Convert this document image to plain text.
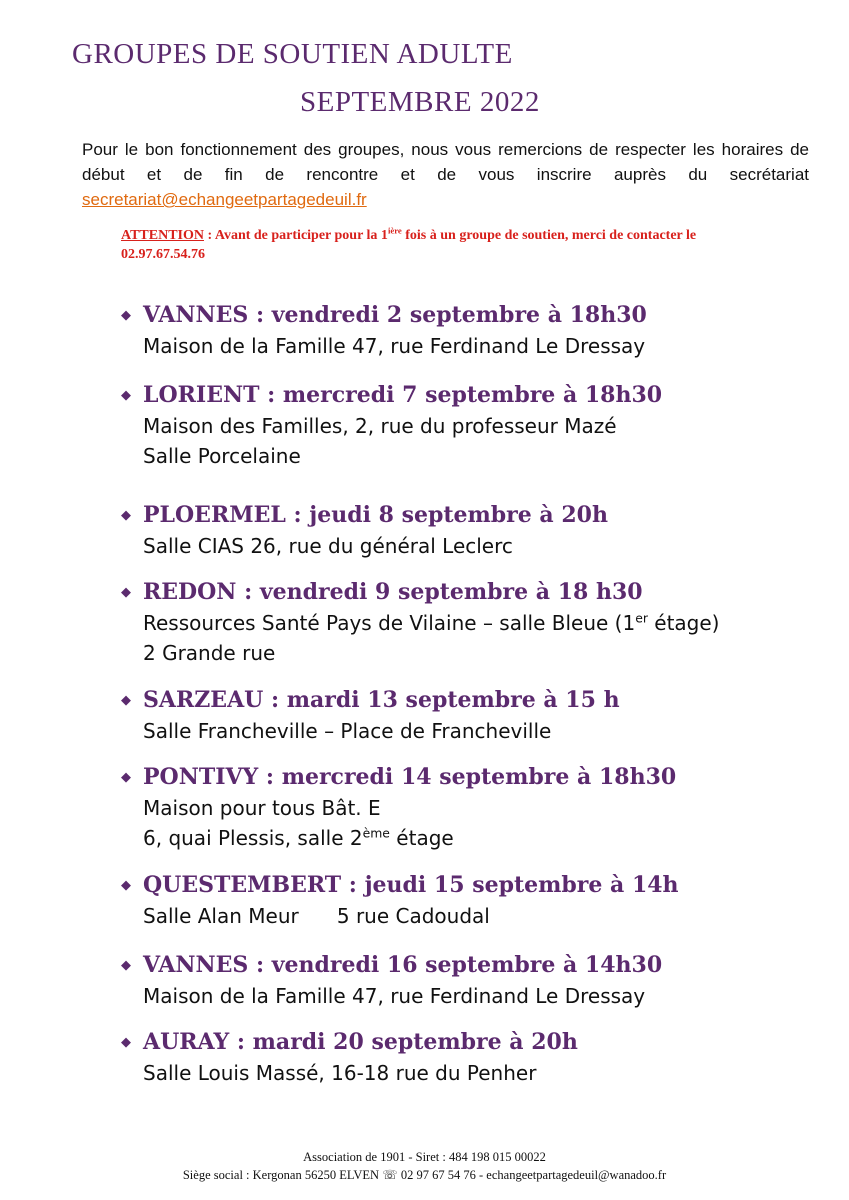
GROUPES DE SOUTIEN ADULTE
SEPTEMBRE 2022
Pour le bon fonctionnement des groupes, nous vous remercions de respecter les horaires de début et de fin de rencontre et de vous inscrire auprès du secrétariat secretariat@echangeetpartagedeuil.fr
ATTENTION : Avant de participer pour la $1^{ière}$ fois à un groupe de soutien, merci de contacter le
02.97.67.54.76
◆ VANNES : vendredi 2 septembre à 18h30
Maison de la Famille 47, rue Ferdinand Le Dressay
◆ LORIENT : mercredi 7 septembre à 18h30
Maison des Familles, 2, rue du professeur Mazé
Salle Porcelaine
◆ PLOERMEL : jeudi 8 septembre à 20h
Salle CIAS 26, rue du général Leclerc
◆ REDON : vendredi 9 septembre à 18 h30
Ressources Santé Pays de Vilaine – salle Bleue (1er étage)
2 Grande rue
◆ SARZEAU : mardi 13 septembre à 15 h
Salle Francheville – Place de Francheville
◆ PONTIVY : mercredi 14 septembre à 18h30
Maison pour tous Bât. E
6, quai Plessis, salle 2ème étage
◆ QUESTEMBERT : jeudi 15 septembre à 14h
Salle Alan Meur      5 rue Cadoudal
◆ VANNES : vendredi 16 septembre à 14h30
Maison de la Famille 47, rue Ferdinand Le Dressay
◆ AURAY : mardi 20 septembre à 20h
Salle Louis Massé, 16-18 rue du Penher
Association de 1901 - Siret : 484 198 015 00022
Siège social : Kergonan 56250 ELVEN ☏ 02 97 67 54 76 - echangeetpartagedeuil@wanadoo.fr
